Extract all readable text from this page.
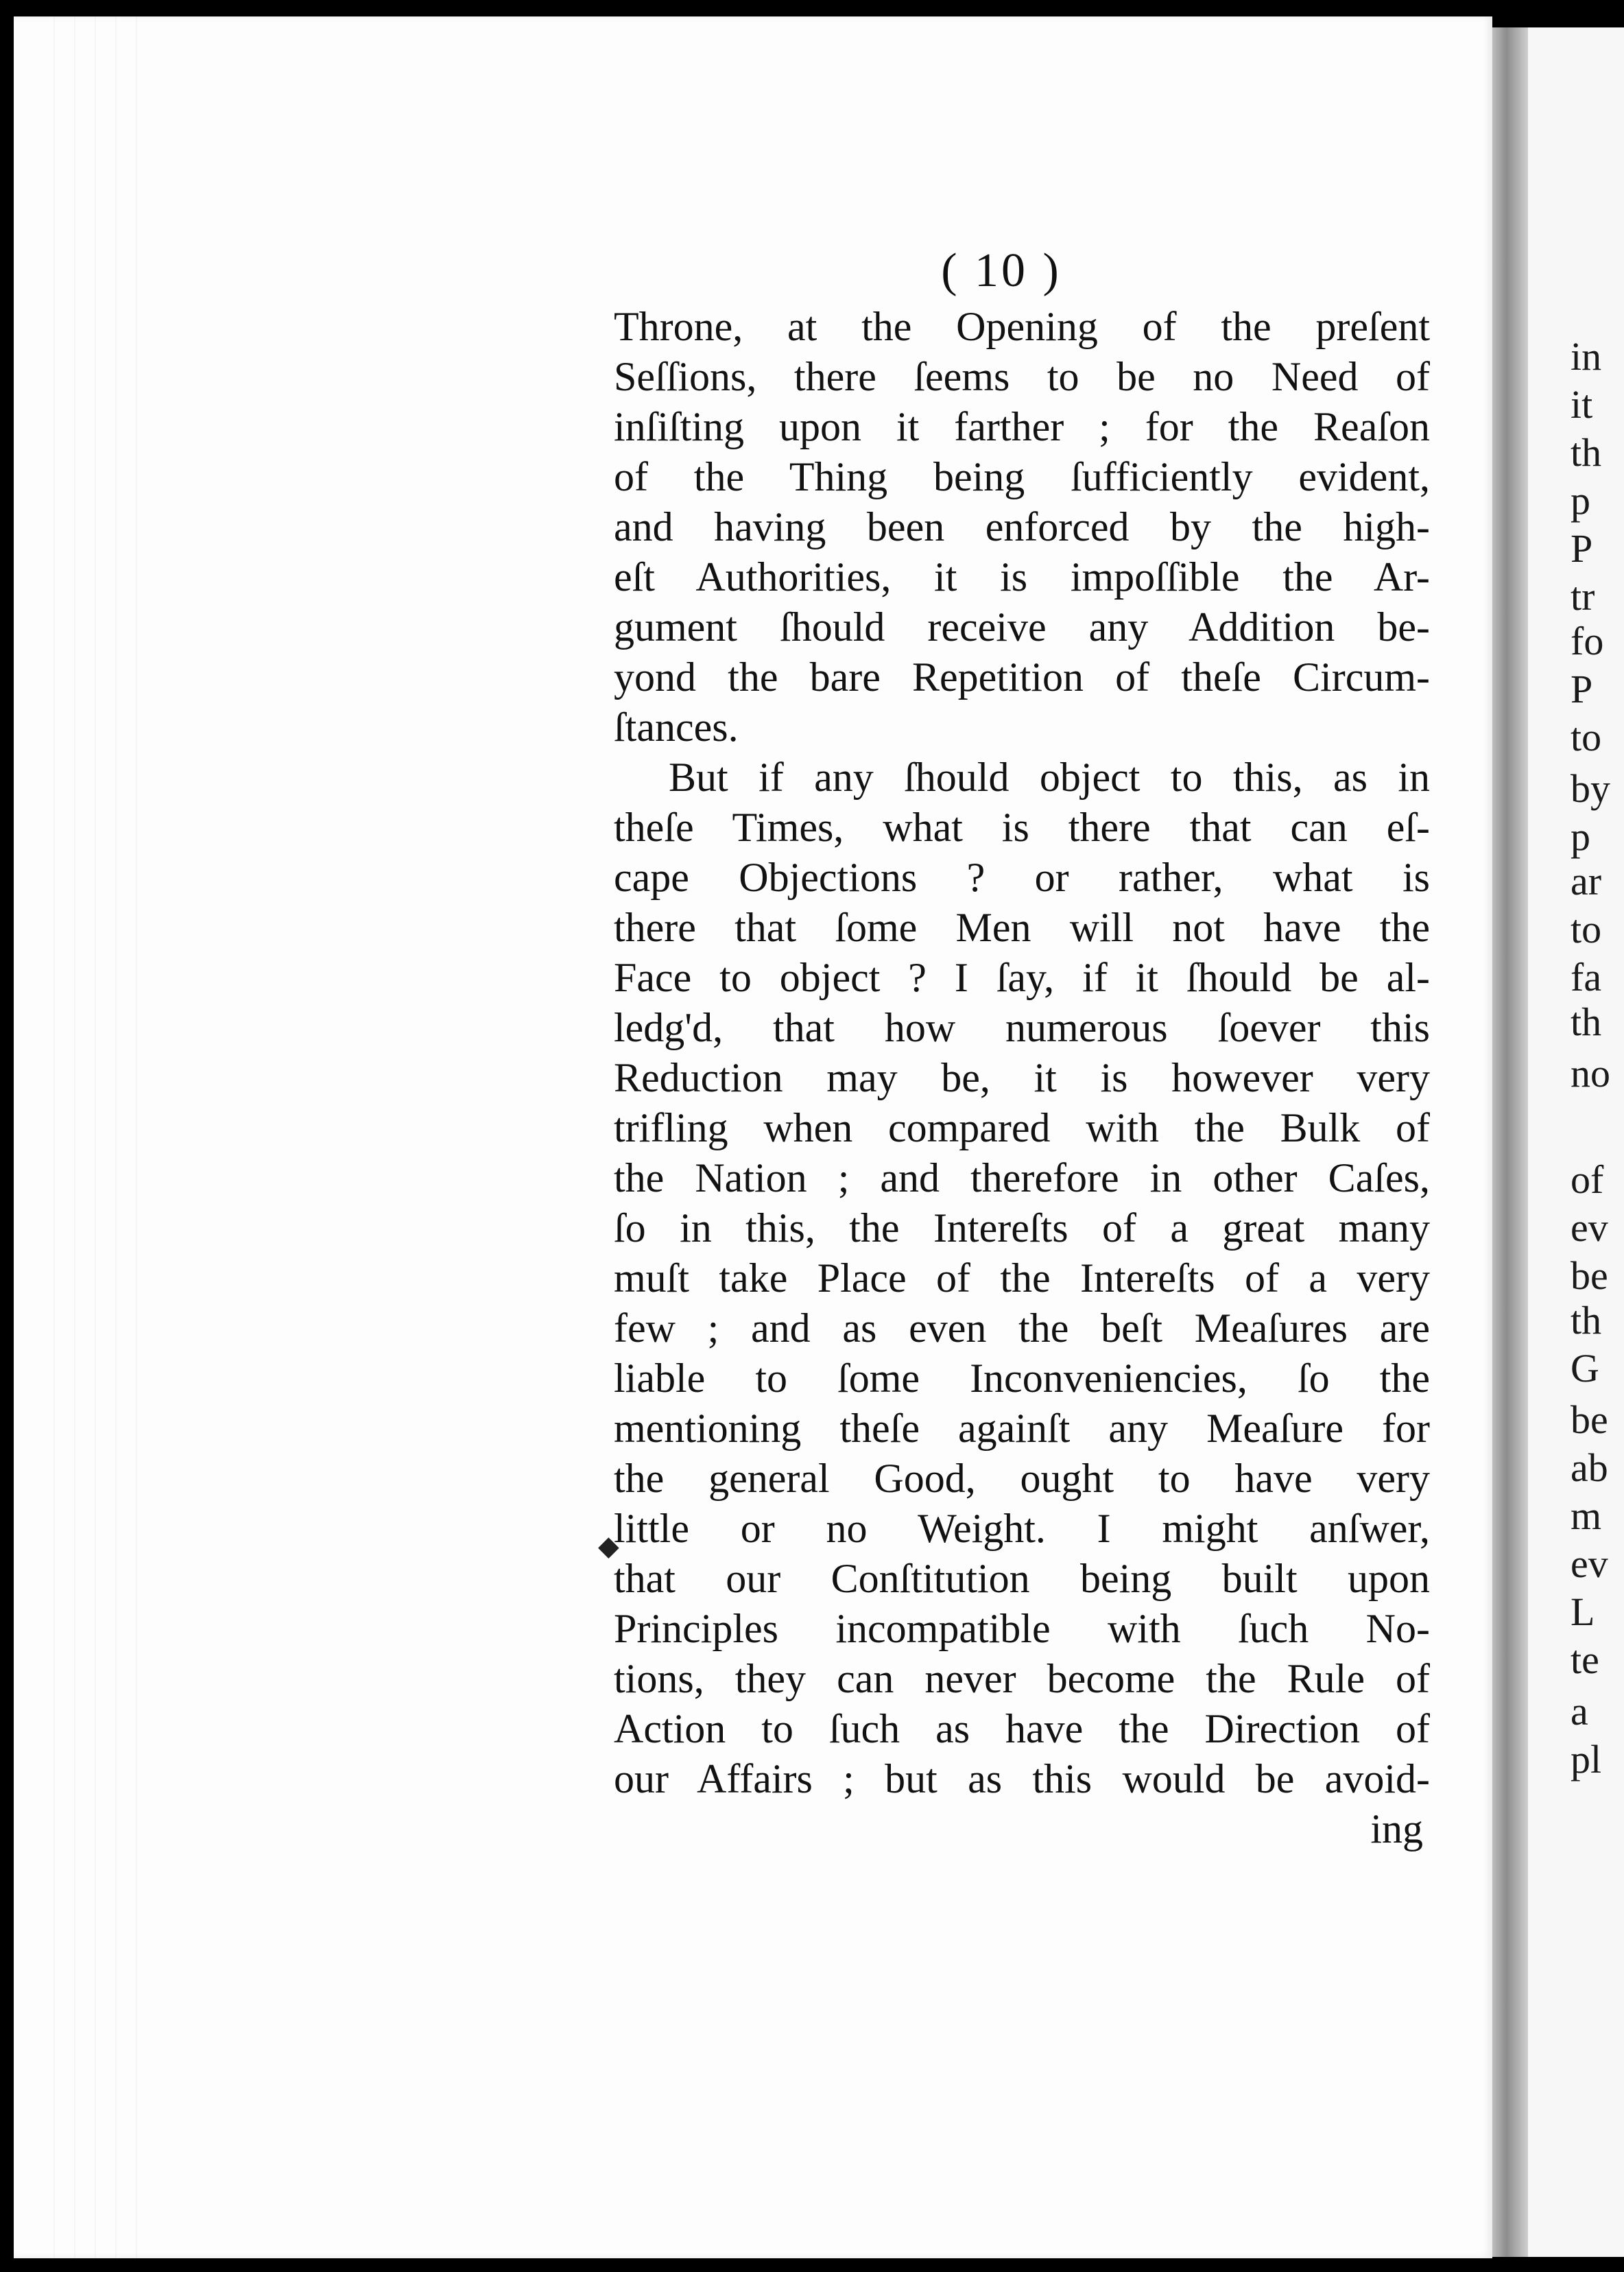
( 10 )
Throne, at the Opening of the preſent
Seſſions, there ſeems to be no Need of
inſiſting upon it farther ; for the Reaſon
of the Thing being ſufficiently evident,
and having been enforced by the high-
eſt Authorities, it is impoſſible the Ar-
gument ſhould receive any Addition be-
yond the bare Repetition of theſe Circum-
ſtances.
But if any ſhould object to this, as in
theſe Times, what is there that can eſ-
cape Objections ? or rather, what is
there that ſome Men will not have the
Face to object ? I ſay, if it ſhould be al-
ledg'd, that how numerous ſoever this
Reduction may be, it is however very
trifling when compared with the Bulk of
the Nation ; and therefore in other Caſes,
ſo in this, the Intereſts of a great many
muſt take Place of the Intereſts of a very
few ; and as even the beſt Meaſures are
liable to ſome Inconveniencies, ſo the
mentioning theſe againſt any Meaſure for
the general Good, ought to have very
little or no Weight. I might anſwer,
that our Conſtitution being built upon
Principles incompatible with ſuch No-
tions, they can never become the Rule of
Action to ſuch as have the Direction of
our Affairs ; but as this would be avoid-
ing
◆
in
it
th
p
P
tr
fo
P
to
by
p
ar
to
fa
th
no
of
ev
be
th
G
be
ab
m
ev
L
te
a
pl
